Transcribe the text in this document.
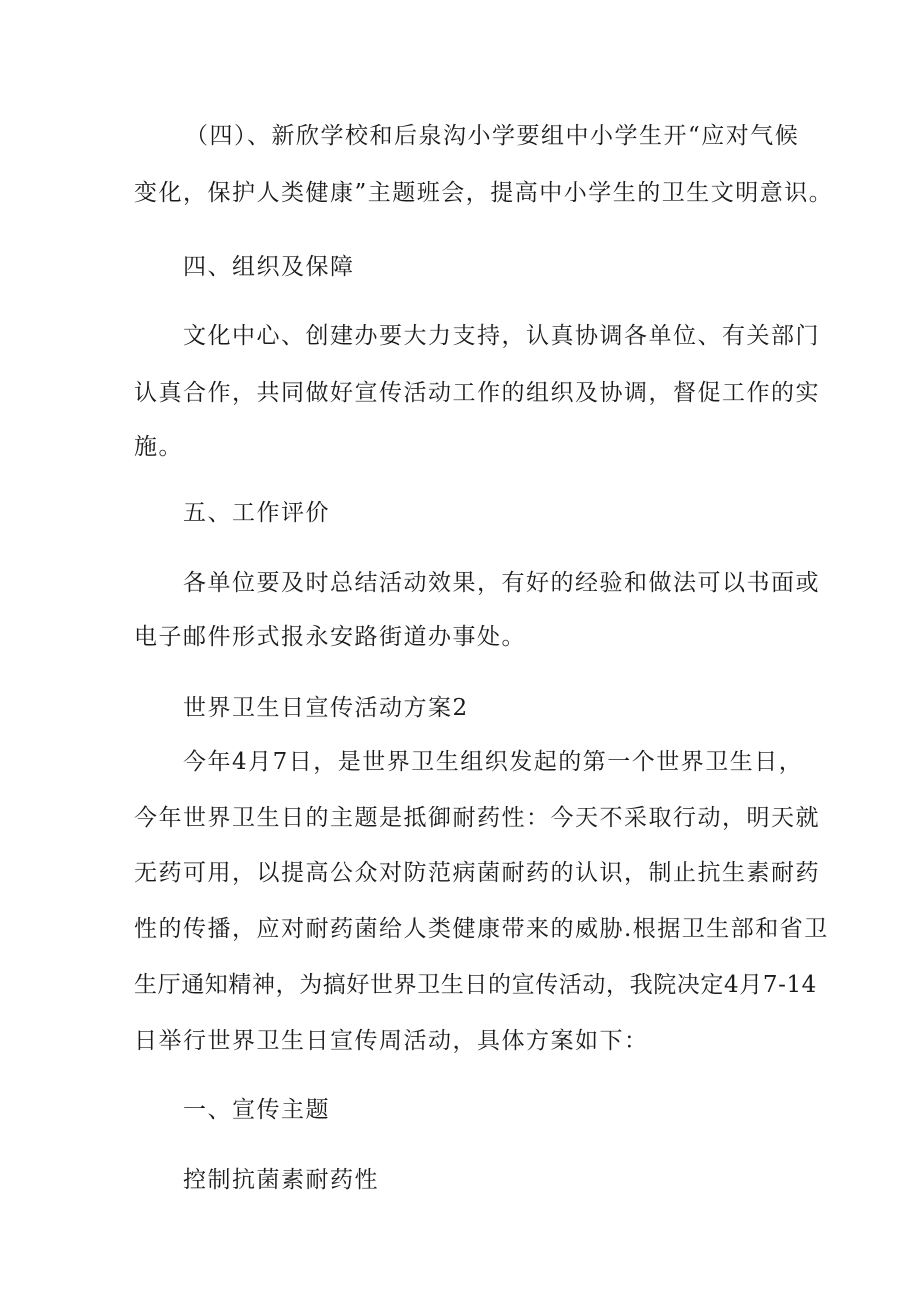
（四）、新欣学校和后泉沟小学要组中小学生开“应对气候
变化，保护人类健康”主题班会，提高中小学生的卫生文明意识。
四、组织及保障
文化中心、创建办要大力支持，认真协调各单位、有关部门
认真合作，共同做好宣传活动工作的组织及协调，督促工作的实
施。
五、工作评价
各单位要及时总结活动效果，有好的经验和做法可以书面或
电子邮件形式报永安路街道办事处。
世界卫生日宣传活动方案2
今年4月7日，是世界卫生组织发起的第一个世界卫生日，
今年世界卫生日的主题是抵御耐药性：今天不采取行动，明天就
无药可用，以提高公众对防范病菌耐药的认识，制止抗生素耐药
性的传播，应对耐药菌给人类健康带来的威胁.根据卫生部和省卫
生厅通知精神，为搞好世界卫生日的宣传活动，我院决定4月7-14
日举行世界卫生日宣传周活动，具体方案如下：
一、宣传主题
控制抗菌素耐药性
